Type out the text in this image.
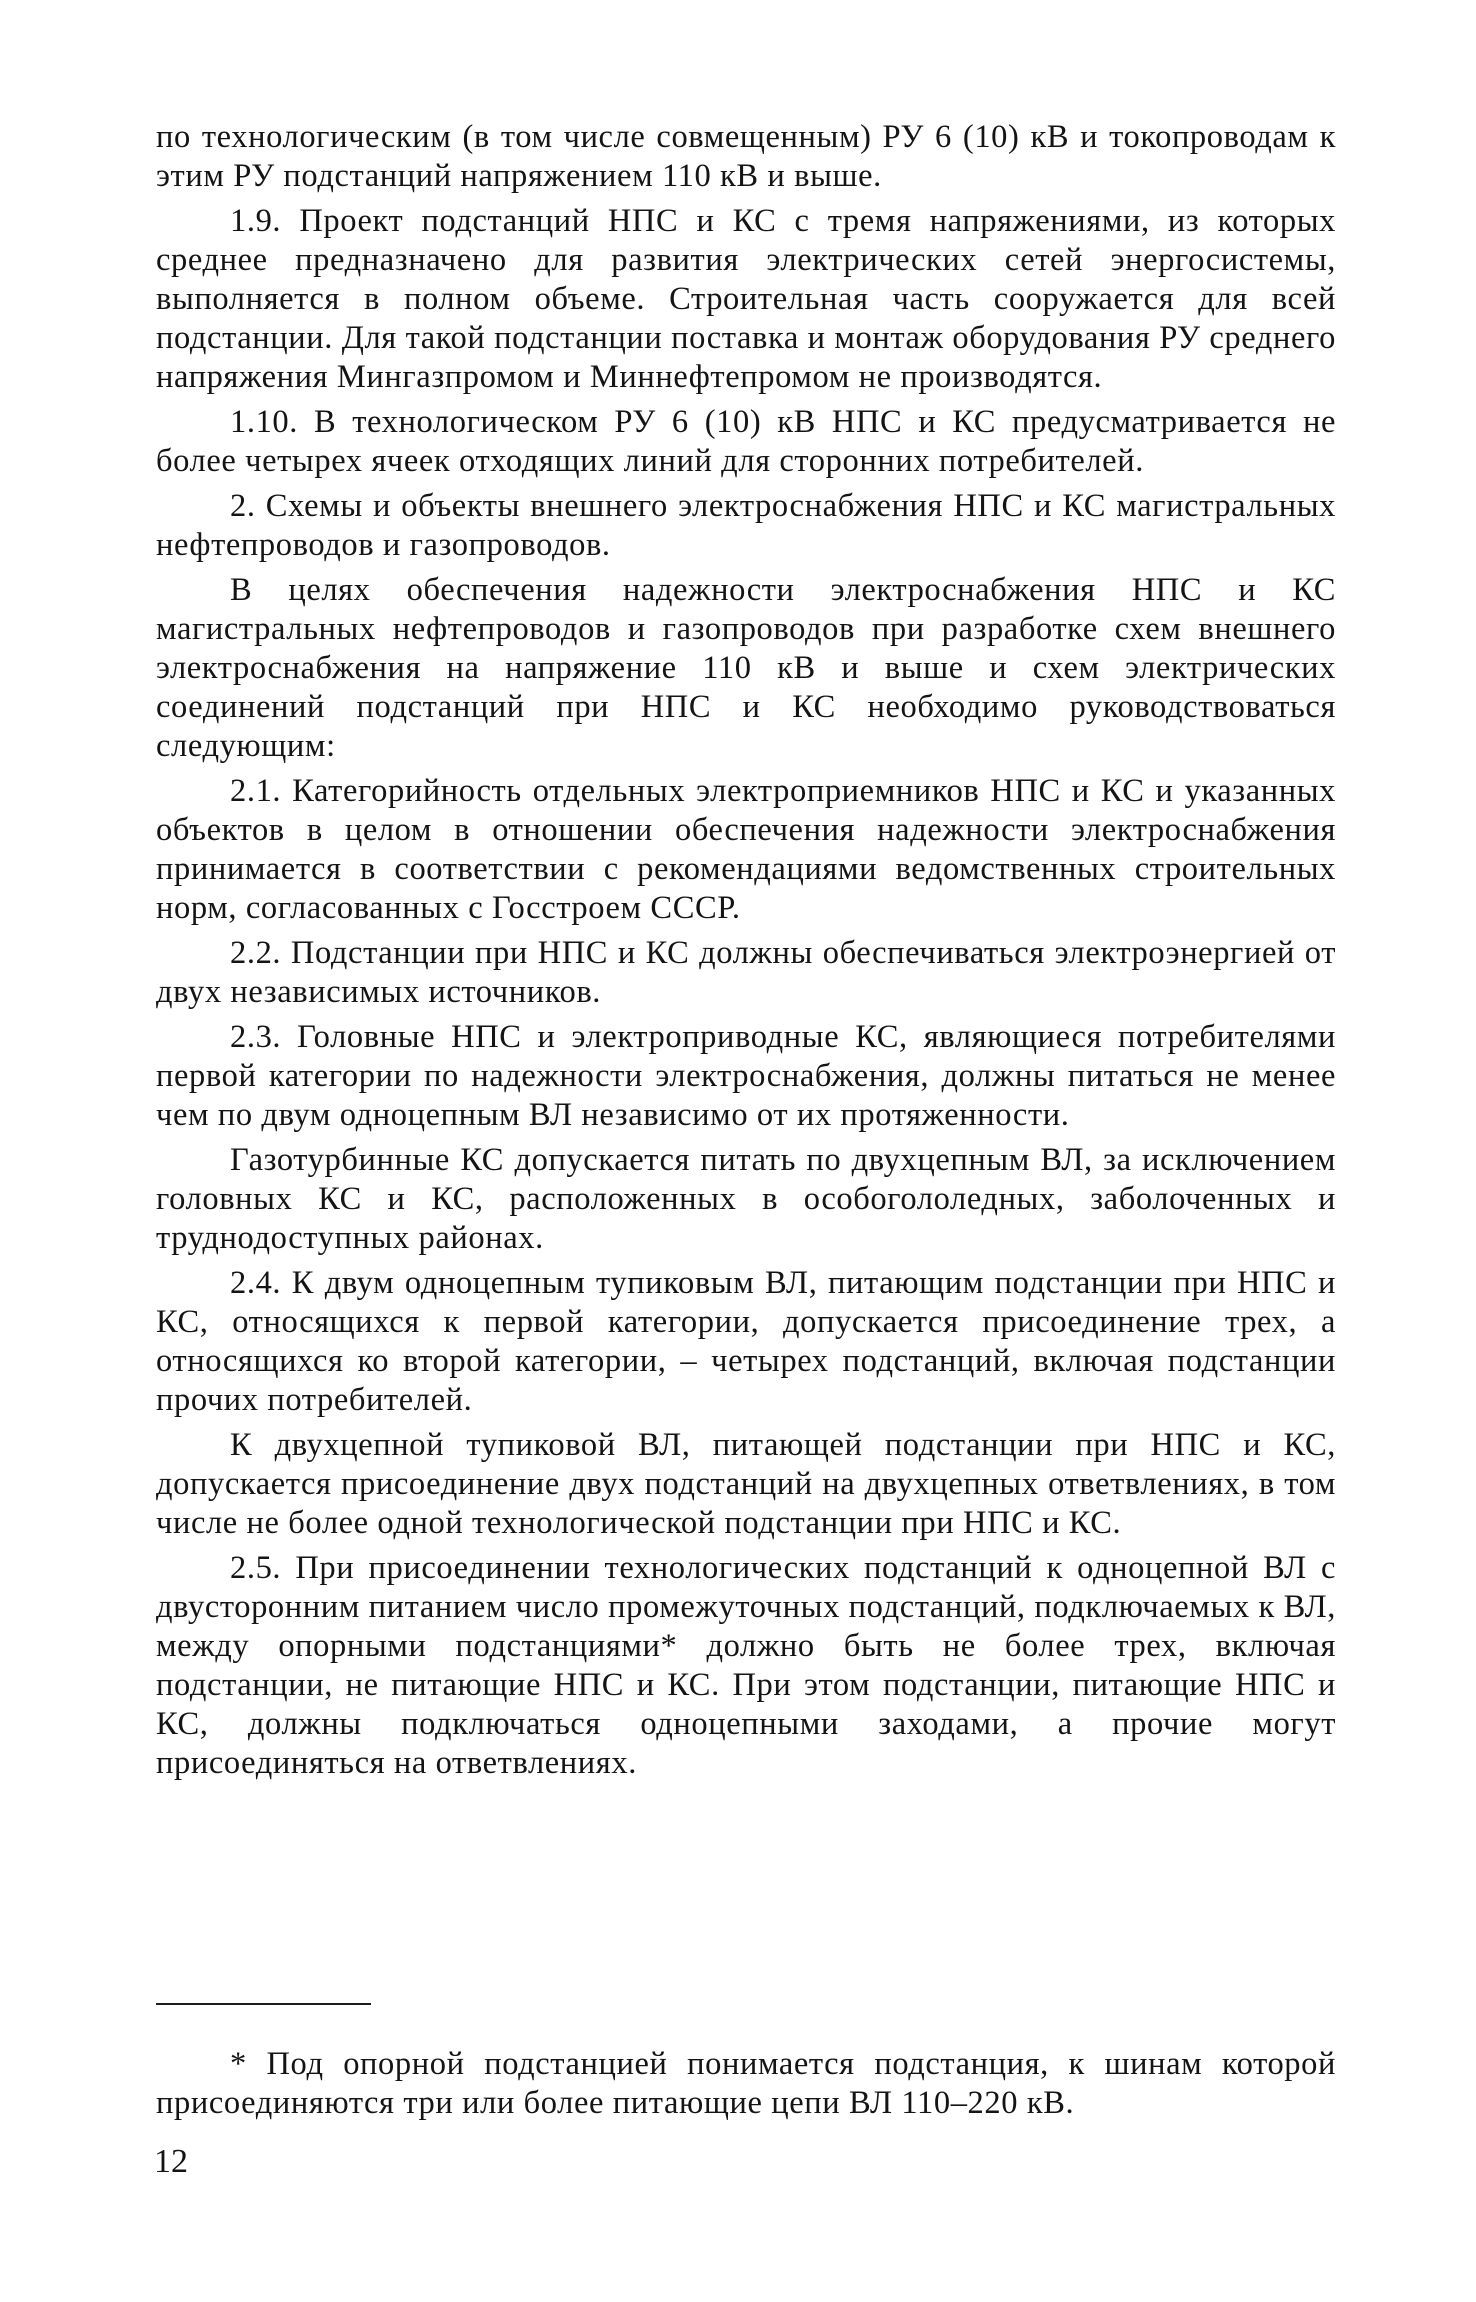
по технологическим (в том числе совмещенным) РУ 6 (10) кВ и токопроводам к этим РУ подстанций напряжением 110 кВ и выше.

1.9. Проект подстанций НПС и КС с тремя напряжениями, из которых среднее предназначено для развития электрических сетей энергосистемы, выполняется в полном объеме. Строительная часть сооружается для всей подстанции. Для такой подстанции поставка и монтаж оборудования РУ среднего напряжения Мингазпромом и Миннефтепромом не производятся.

1.10. В технологическом РУ 6 (10) кВ НПС и КС предусматривается не более четырех ячеек отходящих линий для сторонних потребителей.

2. Схемы и объекты внешнего электроснабжения НПС и КС магистральных нефтепроводов и газопроводов.

В целях обеспечения надежности электроснабжения НПС и КС магистральных нефтепроводов и газопроводов при разработке схем внешнего электроснабжения на напряжение 110 кВ и выше и схем электрических соединений подстанций при НПС и КС необходимо руководствоваться следующим:

2.1. Категорийность отдельных электроприемников НПС и КС и указанных объектов в целом в отношении обеспечения надежности электроснабжения принимается в соответствии с рекомендациями ведомственных строительных норм, согласованных с Госстроем СССР.

2.2. Подстанции при НПС и КС должны обеспечиваться электроэнергией от двух независимых источников.

2.3. Головные НПС и электроприводные КС, являющиеся потребителями первой категории по надежности электроснабжения, должны питаться не менее чем по двум одноцепным ВЛ независимо от их протяженности.

Газотурбинные КС допускается питать по двухцепным ВЛ, за исключением головных КС и КС, расположенных в особогололедных, заболоченных и труднодоступных районах.

2.4. К двум одноцепным тупиковым ВЛ, питающим подстанции при НПС и КС, относящихся к первой категории, допускается присоединение трех, а относящихся ко второй категории, – четырех подстанций, включая подстанции прочих потребителей.

К двухцепной тупиковой ВЛ, питающей подстанции при НПС и КС, допускается присоединение двух подстанций на двухцепных ответвлениях, в том числе не более одной технологической подстанции при НПС и КС.

2.5. При присоединении технологических подстанций к одноцепной ВЛ с двусторонним питанием число промежуточных подстанций, подключаемых к ВЛ, между опорными подстанциями* должно быть не более трех, включая подстанции, не питающие НПС и КС. При этом подстанции, питающие НПС и КС, должны подключаться одноцепными заходами, а прочие могут присоединяться на ответвлениях.

* Под опорной подстанцией понимается подстанция, к шинам которой присоединяются три или более питающие цепи ВЛ 110–220 кВ.

12
